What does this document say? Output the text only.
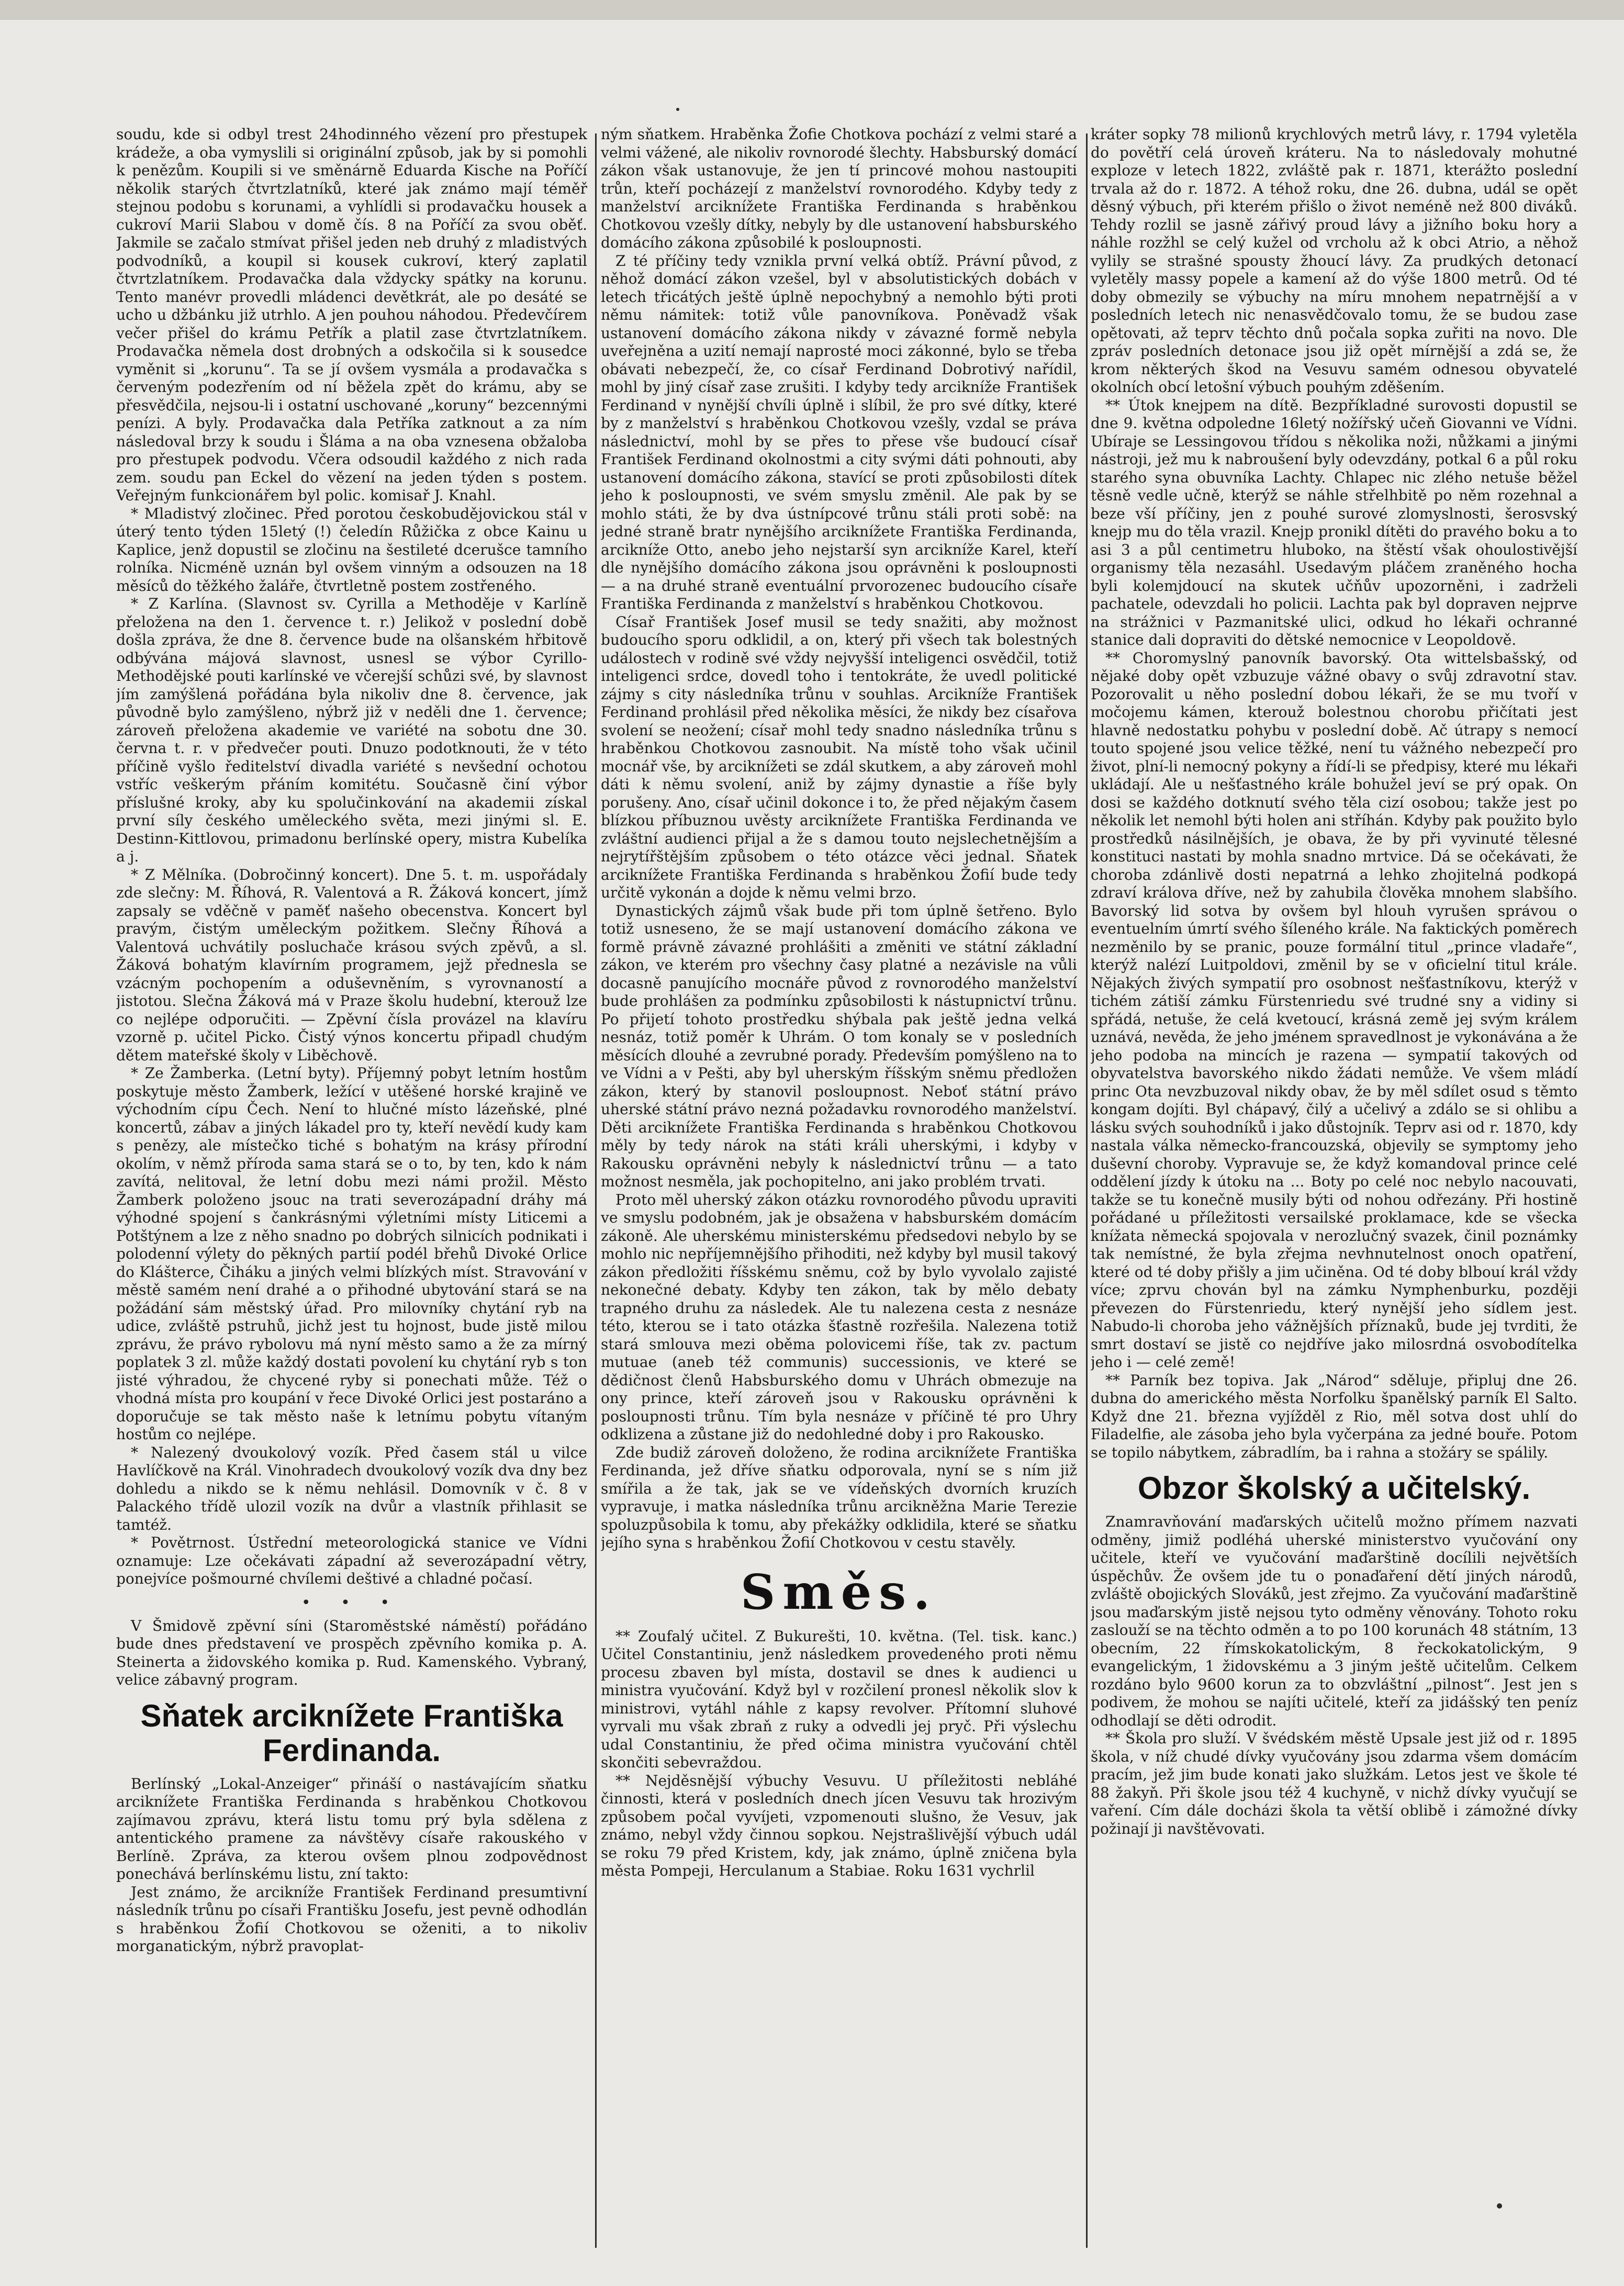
soudu, kde si odbyl trest 24hodinného vězení pro přestupek krádeže, a oba vymyslili si originální způsob, jak by si pomohli k penězům. Koupili si ve směnárně Eduarda Kische na Poříčí několik starých čtvrtzlatníků, které jak známo mají téměř stejnou podobu s korunami, a vyhlídli si prodavačku housek a cukroví Marii Slabou v domě čís. 8 na Poříčí za svou oběť. Jakmile se začalo stmívat přišel jeden neb druhý z mladistvých podvodníků, a koupil si kousek cukroví, který zaplatil čtvrtzlatníkem. Prodavačka dala vždycky spátky na korunu. Tento manévr provedli mládenci devětkrát, ale po desáté se ucho u džbánku již utrhlo. A jen pouhou náhodou. Předevčírem večer přišel do krámu Petřík a platil zase čtvrtzlatníkem. Prodavačka němela dost drobných a odskočila si k sousedce vyměnit si „korunu“. Ta se jí ovšem vysmála a prodavačka s červeným podezřením od ní běžela zpět do krámu, aby se přesvědčila, nejsou-li i ostatní uschované „koruny“ bezcennými penízi. A byly. Prodavačka dala Petříka zatknout a za ním následoval brzy k soudu i Šláma a na oba vznesena obžaloba pro přestupek podvodu. Včera odsoudil každého z nich rada zem. soudu pan Eckel do vězení na jeden týden s postem. Veřejným funkcionářem byl polic. komisař J. Knahl.

* Mladistvý zločinec. Před porotou českobudějovickou stál v úterý tento týden 15letý (!) čeledín Růžička z obce Kainu u Kaplice, jenž dopustil se zločinu na šestileté dcerušce tamního rolníka. Nicméně uznán byl ovšem vinným a odsouzen na 18 měsíců do těžkého žaláře, čtvrtletně postem zostřeného.

* Z Karlína. (Slavnost sv. Cyrilla a Methoděje v Karlíně přeložena na den 1. července t. r.) Jelikož v poslední době došla zpráva, že dne 8. července bude na olšanském hřbitově odbývána májová slavnost, usnesl se výbor Cyrillo-Methodějské pouti karlínské ve včerejší schůzi své, by slavnost jím zamýšlená pořádána byla nikoliv dne 8. července, jak původně bylo zamýšleno, nýbrž již v neděli dne 1. července; zároveň přeložena akademie ve variété na sobotu dne 30. června t. r. v předvečer pouti. Dnuzo podotknouti, že v této příčině vyšlo ředitelství divadla variété s nevšední ochotou vstříc veškerým přáním komitétu. Současně činí výbor příslušné kroky, aby ku spolučinkování na akademii získal první síly českého uměleckého světa, mezi jinými sl. E. Destinn-Kittlovou, primadonu berlínské opery, mistra Kubelíka a j.

* Z Mělníka. (Dobročinný koncert). Dne 5. t. m. uspořádaly zde slečny: M. Říhová, R. Valentová a R. Žáková koncert, jímž zapsaly se vděčně v paměť našeho obecenstva. Koncert byl pravým, čistým uměleckým požitkem. Slečny Říhová a Valentová uchvátily posluchače krásou svých zpěvů, a sl. Žáková bohatým klavírním programem, jejž přednesla se vzácným pochopením a oduševněním, s vyrovnaností a jistotou. Slečna Žáková má v Praze školu hudební, kterouž lze co nejlépe odporučiti. — Zpěvní čísla provázel na klavíru vzorně p. učitel Picko. Čistý výnos koncertu připadl chudým dětem mateřské školy v Liběchově.

* Ze Žamberka. (Letní byty). Příjemný pobyt letním hostům poskytuje město Žamberk, ležící v utěšené horské krajině ve východním cípu Čech. Není to hlučné místo lázeňské, plné koncertů, zábav a jiných lákadel pro ty, kteří nevědí kudy kam s penězy, ale místečko tiché s bohatým na krásy přírodní okolím, v němž příroda sama stará se o to, by ten, kdo k nám zavítá, nelitoval, že letní dobu mezi námi prožil. Město Žamberk položeno jsouc na trati severozápadní dráhy má výhodné spojení s čankrásnými výletními místy Liticemi a Potštýnem a lze z něho snadno po dobrých silnicích podnikati i polodenní výlety do pěkných partií podél břehů Divoké Orlice do Klášterce, Čiháku a jiných velmi blízkých míst. Stravování v městě samém není drahé a o přihodné ubytování stará se na požádání sám městský úřad. Pro milovníky chytání ryb na udice, zvláště pstruhů, jichž jest tu hojnost, bude jistě milou zprávu, že právo rybolovu má nyní město samo a že za mírný poplatek 3 zl. může každý dostati povolení ku chytání ryb s ton jisté výhradou, že chycené ryby si ponechati může. Též o vhodná místa pro koupání v řece Divoké Orlici jest postaráno a doporučuje se tak město naše k letnímu pobytu vítaným hostům co nejlépe.

* Nalezený dvoukolový vozík. Před časem stál u vilce Havlíčkově na Král. Vinohradech dvoukolový vozík dva dny bez dohledu a nikdo se k němu nehlásil. Domovník v č. 8 v Palackého třídě ulozil vozík na dvůr a vlastník přihlasit se tamtéž.

* Povětrnost. Ústřední meteorologická stanice ve Vídni oznamuje: Lze očekávati západní až severozápadní větry, ponejvíce pošmourné chvílemi deštivé a chladné počasí.

• • •

V Šmidově zpěvní síni (Staroměstské náměstí) pořádáno bude dnes představení ve prospěch zpěvního komika p. A. Steinerta a židovského komika p. Rud. Kamenského. Vybraný, velice zábavný program.

Sňatek arciknížete Františka Ferdinanda.

Berlínský „Lokal-Anzeiger“ přináší o nastávajícím sňatku arciknížete Františka Ferdinanda s hraběnkou Chotkovou zajímavou zprávu, která listu tomu prý byla sdělena z antentického pramene za návštěvy císaře rakouského v Berlíně. Zpráva, za kterou ovšem plnou zodpovědnost ponechává berlínskému listu, zní takto:

Jest známo, že arcikníže František Ferdinand presumtivní následník trůnu po císaři Františku Josefu, jest pevně odhodlán s hraběnkou Žofií Chotkovou se oženiti, a to nikoliv morganatickým, nýbrž pravoplat-

ným sňatkem. Hraběnka Žofie Chotkova pochází z velmi staré a velmi vážené, ale nikoliv rovnorodé šlechty. Habsburský domácí zákon však ustanovuje, že jen tí princové mohou nastoupiti trůn, kteří pocházejí z manželství rovnorodého. Kdyby tedy z manželství arciknížete Františka Ferdinanda s hraběnkou Chotkovou vzešly dítky, nebyly by dle ustanovení habsburského domácího zákona způsobilé k posloupnosti.

Z té příčiny tedy vznikla první velká obtíž. Právní původ, z něhož domácí zákon vzešel, byl v absolutistických dobách v letech třicátých ještě úplně nepochybný a nemohlo býti proti němu námitek: totiž vůle panovníkova. Poněvadž však ustanovení domácího zákona nikdy v závazné formě nebyla uveřejněna a uzití nemají naprosté moci zákonné, bylo se třeba obávati nebezpečí, že, co císař Ferdinand Dobrotivý nařídil, mohl by jiný císař zase zrušiti. I kdyby tedy arcikníže František Ferdinand v nynější chvíli úplně i slíbil, že pro své dítky, které by z manželství s hraběnkou Chotkovou vzešly, vzdal se práva následnictví, mohl by se přes to přese vše budoucí císař František Ferdinand okolnostmi a city svými dáti pohnouti, aby ustanovení domácího zákona, stavící se proti způsobilosti dítek jeho k posloupnosti, ve svém smyslu změnil. Ale pak by se mohlo státi, že by dva ústnípcové trůnu stáli proti sobě: na jedné straně bratr nynějšího arciknížete Františka Ferdinanda, arcikníže Otto, anebo jeho nejstarší syn arcikníže Karel, kteří dle nynějšího domácího zákona jsou oprávněni k posloupnosti — a na druhé straně eventuální prvorozenec budoucího císaře Františka Ferdinanda z manželství s hraběnkou Chotkovou.

Císař František Josef musil se tedy snažiti, aby možnost budoucího sporu odklidil, a on, který při všech tak bolestných událostech v rodině své vždy nejvyšší inteligenci osvědčil, totiž inteligenci srdce, dovedl toho i tentokráte, že uvedl politické zájmy s city následníka trůnu v souhlas. Arcikníže František Ferdinand prohlásil před několika měsíci, že nikdy bez císařova svolení se neožení; císař mohl tedy snadno následníka trůnu s hraběnkou Chotkovou zasnoubit. Na místě toho však učinil mocnář vše, by arciknížeti se zdál skutkem, a aby zároveň mohl dáti k němu svolení, aniž by zájmy dynastie a říše byly porušeny. Ano, císař učinil dokonce i to, že před nějakým časem blízkou příbuznou uvěsty arciknížete Františka Ferdinanda ve zvláštní audienci přijal a že s damou touto nejslechetnějším a nejrytířštějším způsobem o této otázce věci jednal. Sňatek arciknížete Františka Ferdinanda s hraběnkou Žofií bude tedy určitě vykonán a dojde k němu velmi brzo.

Dynastických zájmů však bude při tom úplně šetřeno. Bylo totiž usneseno, že se mají ustanovení domácího zákona ve formě právně závazné prohlášiti a změniti ve státní základní zákon, ve kterém pro všechny časy platné a nezávisle na vůli docasně panujícího mocnáře původ z rovnorodého manželství bude prohlášen za podmínku způsobilosti k nástupnictví trůnu. Po přijetí tohoto prostředku shýbala pak ještě jedna velká nesnáz, totiž poměr k Uhrám. O tom konaly se v posledních měsících dlouhé a zevrubné porady. Především pomýšleno na to ve Vídni a v Pešti, aby byl uherským říšským sněmu předložen zákon, který by stanovil posloupnost. Neboť státní právo uherské státní právo nezná požadavku rovnorodého manželství. Děti arciknížete Františka Ferdinanda s hraběnkou Chotkovou měly by tedy nárok na státi králi uherskými, i kdyby v Rakousku oprávněni nebyly k následnictví trůnu — a tato možnost nesměla, jak pochopitelno, ani jako problém trvati.

Proto měl uherský zákon otázku rovnorodého původu upraviti ve smyslu podobném, jak je obsažena v habsburském domácím zákoně. Ale uherskému ministerskému předsedovi nebylo by se mohlo nic nepříjemnějšího přihoditi, než kdyby byl musil takový zákon předložiti říšskému sněmu, což by bylo vyvolalo zajisté nekonečné debaty. Kdyby ten zákon, tak by mělo debaty trapného druhu za následek. Ale tu nalezena cesta z nesnáze této, kterou se i tato otázka šťastně rozřešila. Nalezena totiž stará smlouva mezi oběma polovicemi říše, tak zv. pactum mutuae (aneb též communis) successionis, ve které se dědičnost členů Habsburského domu v Uhrách obmezuje na ony prince, kteří zároveň jsou v Rakousku oprávněni k posloupnosti trůnu. Tím byla nesnáze v příčině té pro Uhry odklizena a zůstane již do nedohledné doby i pro Rakousko.

Zde budiž zároveň doloženo, že rodina arciknížete Františka Ferdinanda, jež dříve sňatku odporovala, nyní se s ním již smířila a že tak, jak se ve vídeňských dvorních kruzích vypravuje, i matka následníka trůnu arcikněžna Marie Terezie spoluzpůsobila k tomu, aby překážky odklidila, které se sňatku jejího syna s hraběnkou Žofií Chotkovou v cestu stavěly.

Směs.

** Zoufalý učitel. Z Bukurešti, 10. května. (Tel. tisk. kanc.) Učitel Constantiniu, jenž následkem provedeného proti němu procesu zbaven byl místa, dostavil se dnes k audienci u ministra vyučování. Když byl v rozčilení pronesl několik slov k ministrovi, vytáhl náhle z kapsy revolver. Přítomní sluhové vyrvali mu však zbraň z ruky a odvedli jej pryč. Při výslechu udal Constantiniu, že před očima ministra vyučování chtěl skončiti sebevraždou.

** Nejděsnější výbuchy Vesuvu. U příležitosti nebláhé činnosti, která v posledních dnech jícen Vesuvu tak hrozivým způsobem počal vyvíjeti, vzpomenouti slušno, že Vesuv, jak známo, nebyl vždy činnou sopkou. Nejstrašlivější výbuch udál se roku 79 před Kristem, kdy, jak známo, úplně zničena byla města Pompeji, Herculanum a Stabiae. Roku 1631 vychrlil

kráter sopky 78 milionů krychlových metrů lávy, r. 1794 vyletěla do povětří celá úroveň kráteru. Na to následovaly mohutné exploze v letech 1822, zvláště pak r. 1871, kterážto poslední trvala až do r. 1872. A téhož roku, dne 26. dubna, udál se opět děsný výbuch, při kterém přišlo o život neméně než 800 diváků. Tehdy rozlil se jasně zářivý proud lávy a jižního boku hory a náhle rozžhl se celý kužel od vrcholu až k obci Atrio, a něhož vylily se strašné spousty žhoucí lávy. Za prudkých detonací vyletěly massy popele a kamení až do výše 1800 metrů. Od té doby obmezily se výbuchy na míru mnohem nepatrnější a v posledních letech nic nenasvědčovalo tomu, že se budou zase opětovati, až teprv těchto dnů počala sopka zuřiti na novo. Dle zpráv posledních detonace jsou již opět mírnější a zdá se, že krom některých škod na Vesuvu samém odnesou obyvatelé okolních obcí letošní výbuch pouhým zděšením.

** Útok knejpem na dítě. Bezpříkladné surovosti dopustil se dne 9. května odpoledne 16letý nožířský učeň Giovanni ve Vídni. Ubíraje se Lessingovou třídou s několika noži, nůžkami a jinými nástroji, jež mu k nabroušení byly odevzdány, potkal 6 a půl roku starého syna obuvníka Lachty. Chlapec nic zlého netuše běžel těsně vedle učně, kterýž se náhle střelhbitě po něm rozehnal a beze vší příčiny, jen z pouhé surové zlomyslnosti, šerosvský knejp mu do těla vrazil. Knejp pronikl dítěti do pravého boku a to asi 3 a půl centimetru hluboko, na štěstí však ohoulostivější organismy těla nezasáhl. Usedavým pláčem zraněného hocha byli kolemjdoucí na skutek učňův upozorněni, i zadrželi pachatele, odevzdali ho policii. Lachta pak byl dopraven nejprve na strážnici v Pazmanitské ulici, odkud ho lékaři ochranné stanice dali dopraviti do dětské nemocnice v Leopoldově.

** Choromyslný panovník bavorský. Ota wittelsbašský, od nějaké doby opět vzbuzuje vážné obavy o svůj zdravotní stav. Pozorovalit u něho poslední dobou lékaři, že se mu tvoří v močojemu kámen, kterouž bolestnou chorobu přičítati jest hlavně nedostatku pohybu v poslední době. Ač útrapy s nemocí touto spojené jsou velice těžké, není tu vážného nebezpečí pro život, plní-li nemocný pokyny a řídí-li se předpisy, které mu lékaři ukládají. Ale u nešťastného krále bohužel jeví se prý opak. On dosi se každého dotknutí svého těla cizí osobou; takže jest po několik let nemohl býti holen ani stříhán. Kdyby pak použito bylo prostředků násilnějších, je obava, že by při vyvinuté tělesné konstituci nastati by mohla snadno mrtvice. Dá se očekávati, že choroba zdánlivě dosti nepatrná a lehko zhojitelná podkopá zdraví králova dříve, než by zahubila člověka mnohem slabšího. Bavorský lid sotva by ovšem byl hlouh vyrušen správou o eventuelním úmrtí svého šíleného krále. Na faktických poměrech nezměnilo by se pranic, pouze formální titul „prince vladaře“, kterýž nalézí Luitpoldovi, změnil by se v oficielní titul krále. Nějakých živých sympatií pro osobnost nešťastníkovu, kterýž v tichém zátiší zámku Fürstenriedu své trudné sny a vidiny si spřádá, netuše, že celá kvetoucí, krásná země jej svým králem uznává, nevěda, že jeho jménem spravedlnost je vykonávána a že jeho podoba na mincích je razena — sympatií takových od obyvatelstva bavorského nikdo žádati nemůže. Ve všem mládí princ Ota nevzbuzoval nikdy obav, že by měl sdílet osud s těmto kongam dojíti. Byl chápavý, čilý a učelivý a zdálo se si ohlibu a lásku svých souhodníků i jako důstojník. Teprv asi od r. 1870, kdy nastala válka německo-francouzská, objevily se symptomy jeho duševní choroby. Vypravuje se, že když komandoval prince celé oddělení jízdy k útoku na ... Boty po celé noc nebylo nacouvati, takže se tu konečně musily býti od nohou odřezány. Při hostině pořádané u příležitosti versailské proklamace, kde se všecka knížata německá spojovala v nerozlučný svazek, činil poznámky tak nemístné, že byla zřejma nevhnutelnost onoch opatření, které od té doby přišly a jim učiněna. Od té doby blbouí král vždy více; zprvu chován byl na zámku Nymphenburku, později převezen do Fürstenriedu, který nynější jeho sídlem jest. Nabudo-li choroba jeho vážnějších příznaků, bude jej tvrditi, že smrt dostaví se jistě co nejdříve jako milosrdná osvobodítelka jeho i — celé země!

** Parník bez topiva. Jak „Národ“ sděluje, připluj dne 26. dubna do amerického města Norfolku španělský parník El Salto. Když dne 21. března vyjížděl z Rio, měl sotva dost uhlí do Filadelfie, ale zásoba jeho byla vyčerpána za jedné bouře. Potom se topilo nábytkem, zábradlím, ba i rahna a stožáry se spálily.

Obzor školský a učitelský.

Znamravňování maďarských učitelů možno přímem nazvati odměny, jimiž podléhá uherské ministerstvo vyučování ony učitele, kteří ve vyučování maďarštině docílili největších úspěchův. Že ovšem jde tu o ponaďaření dětí jiných národů, zvláště obojických Slováků, jest zřejmo. Za vyučování maďarštině jsou maďarským jistě nejsou tyto odměny věnovány. Tohoto roku zaslouží se na těchto odměn a to po 100 korunách 48 státním, 13 obecním, 22 římskokatolickým, 8 řeckokatolickým, 9 evangelickým, 1 židovskému a 3 jiným ještě učitelům. Celkem rozdáno bylo 9600 korun za to obzvláštní „pilnost“. Jest jen s podivem, že mohou se najíti učitelé, kteří za jidášský ten peníz odhodlají se děti odrodit.

** Škola pro služí. V švédském městě Upsale jest již od r. 1895 škola, v níž chudé dívky vyučovány jsou zdarma všem domácím pracím, jež jim bude konati jako služkám. Letos jest ve škole té 88 žakyň. Při škole jsou též 4 kuchyně, v nichž dívky vyučují se vaření. Cím dále docházi škola ta větší oblibě i zámožné dívky požinají ji navštěvovati.
